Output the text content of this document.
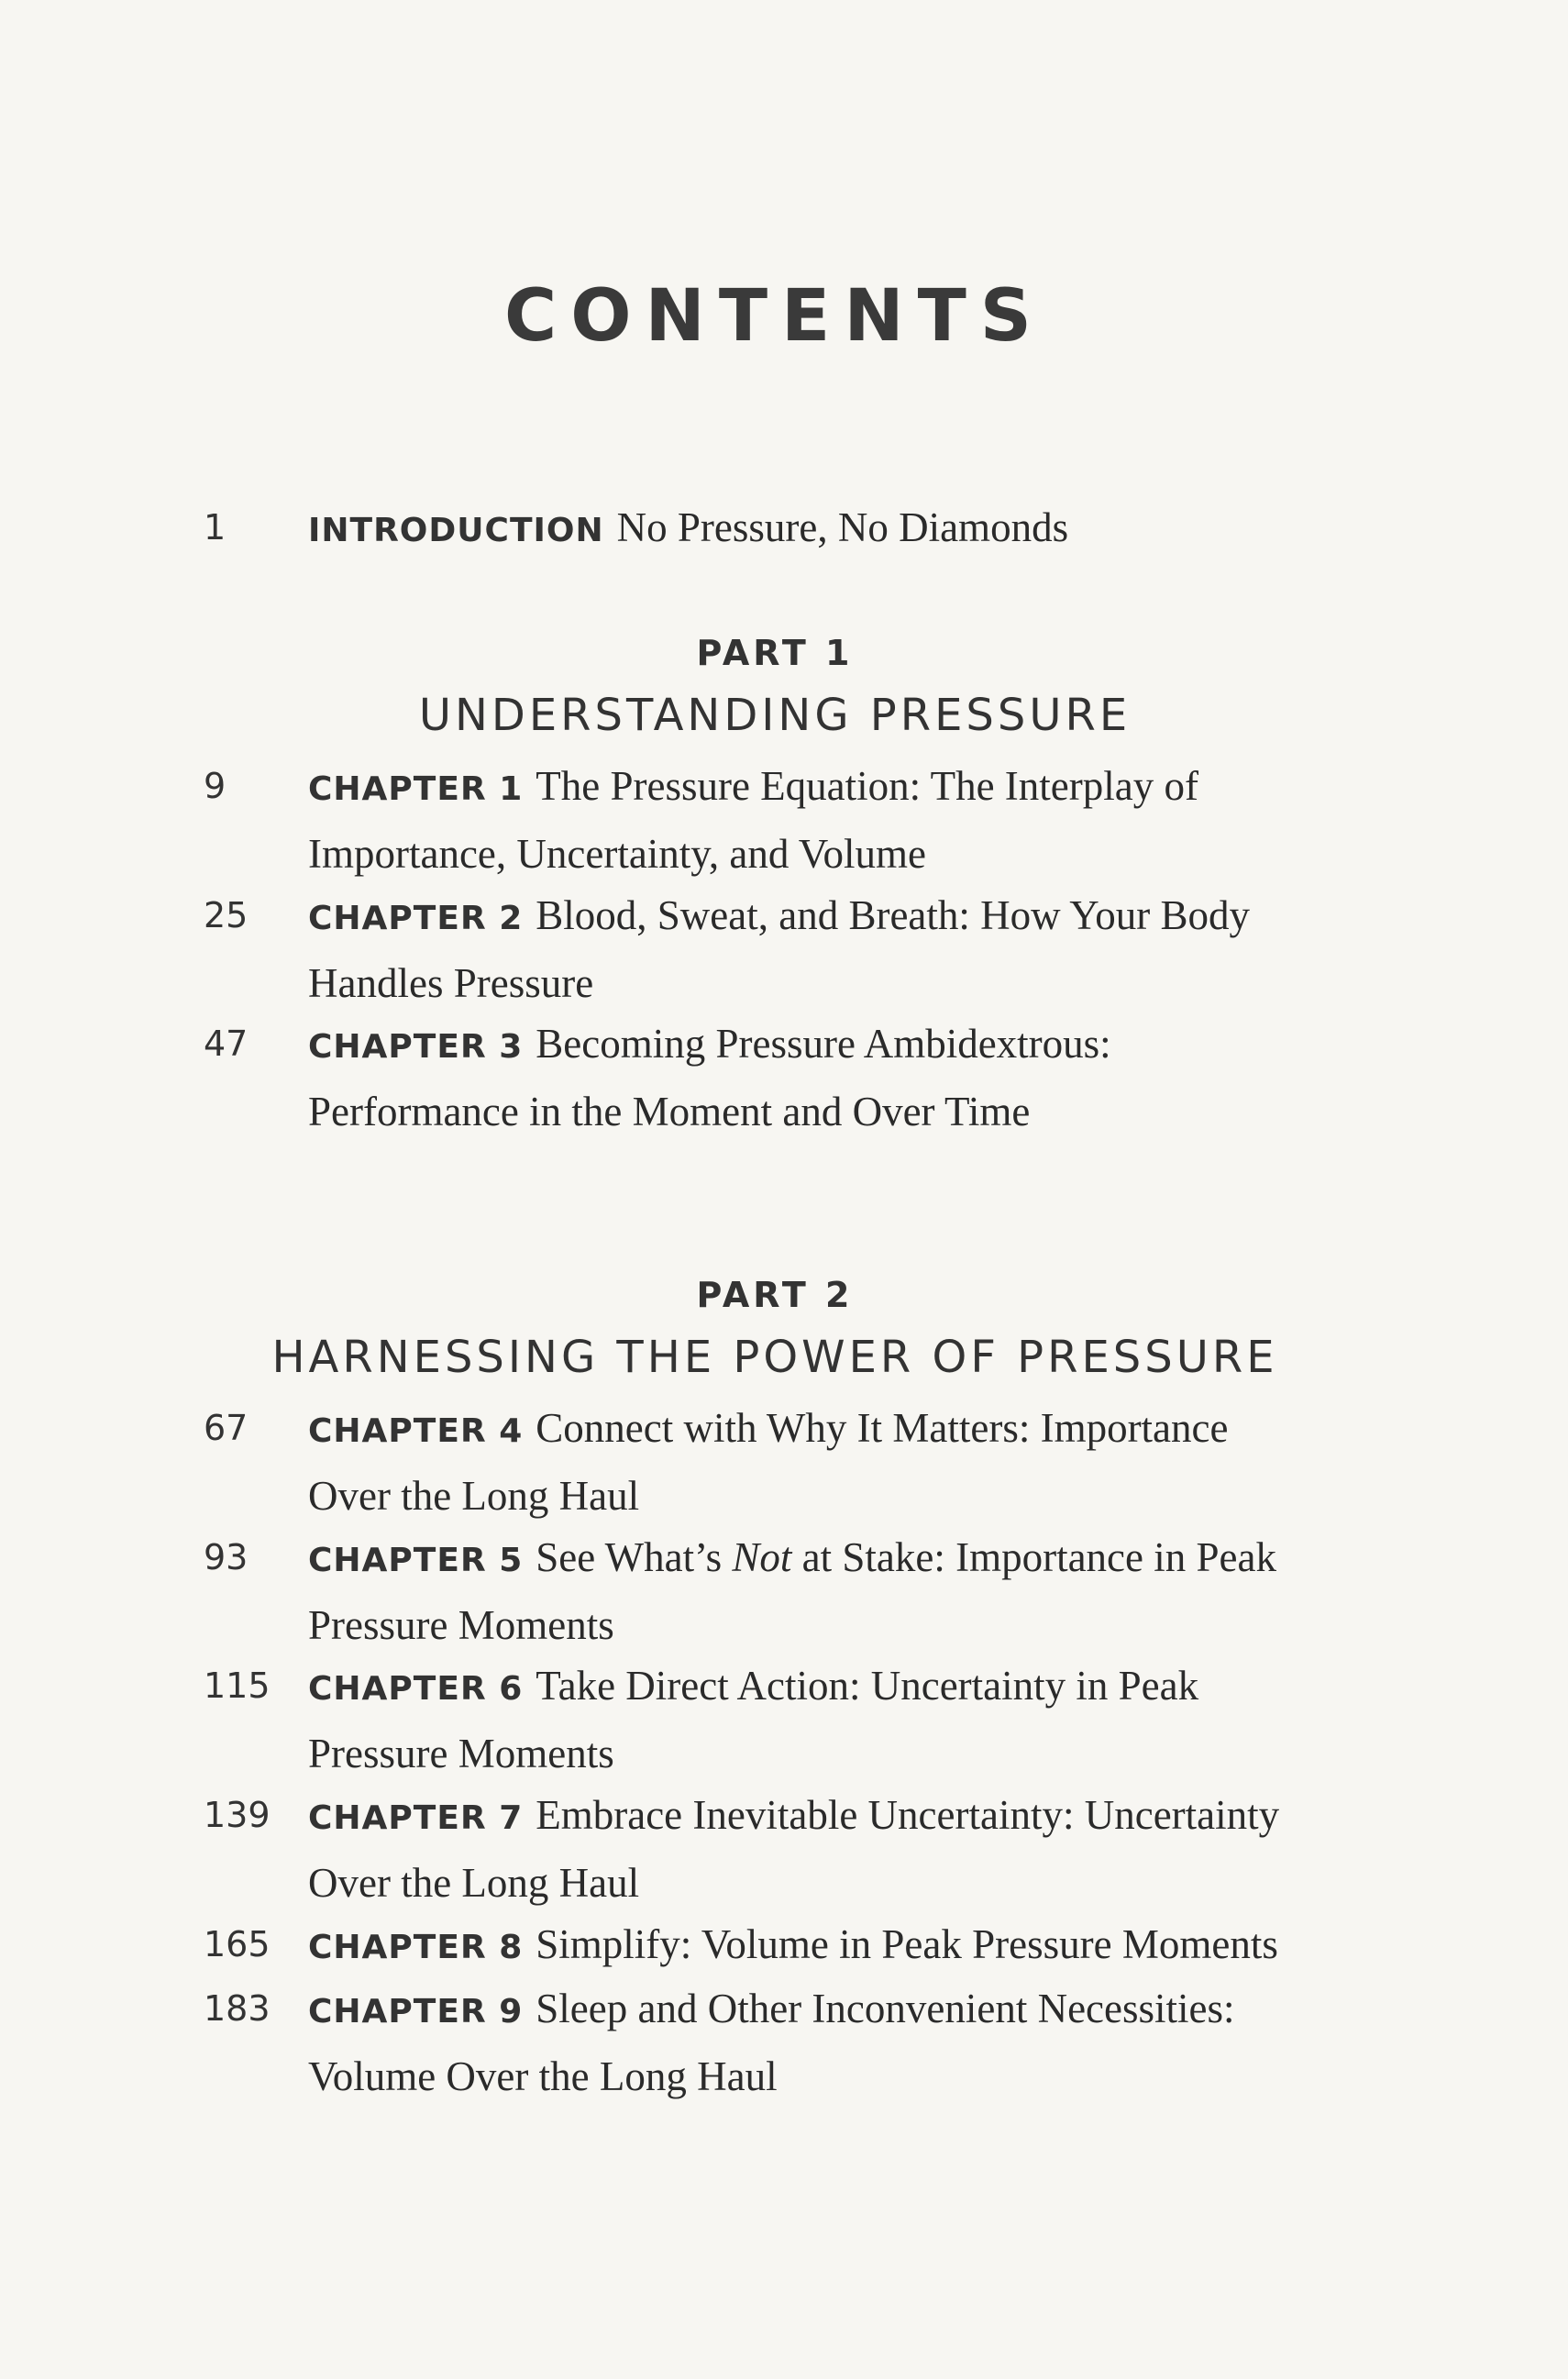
CONTENTS
1 INTRODUCTION No Pressure, No Diamonds
PART 1
UNDERSTANDING PRESSURE
9 CHAPTER 1 The Pressure Equation: The Interplay of
Importance, Uncertainty, and Volume
25 CHAPTER 2 Blood, Sweat, and Breath: How Your Body
Handles Pressure
47 CHAPTER 3 Becoming Pressure Ambidextrous:
Performance in the Moment and Over Time
PART 2
HARNESSING THE POWER OF PRESSURE
67 CHAPTER 4 Connect with Why It Matters: Importance
Over the Long Haul
93 CHAPTER 5 See What’s Not at Stake: Importance in Peak
Pressure Moments
115 CHAPTER 6 Take Direct Action: Uncertainty in Peak
Pressure Moments
139 CHAPTER 7 Embrace Inevitable Uncertainty: Uncertainty
Over the Long Haul
165 CHAPTER 8 Simplify: Volume in Peak Pressure Moments
183 CHAPTER 9 Sleep and Other Inconvenient Necessities:
Volume Over the Long Haul
